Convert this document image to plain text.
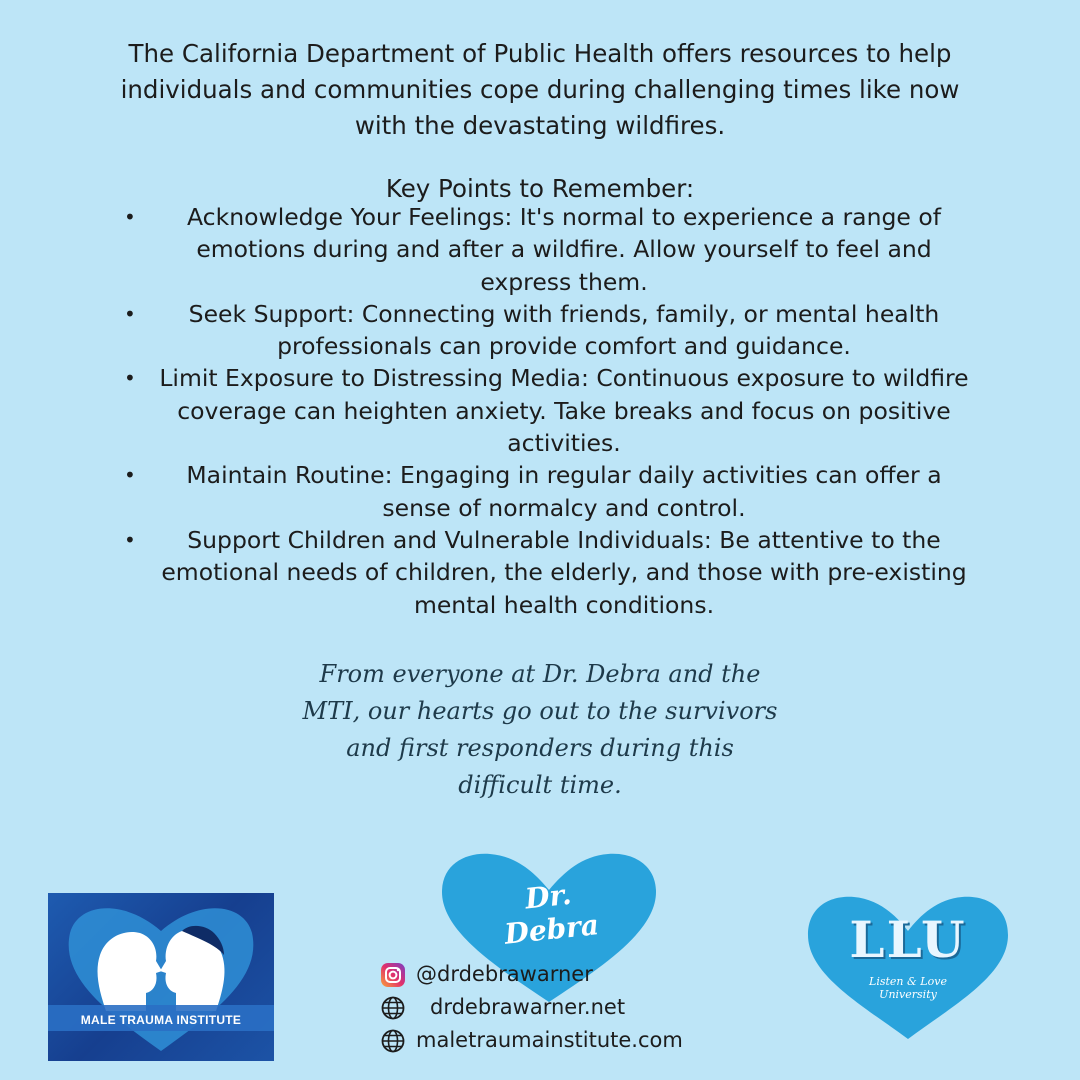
The California Department of Public Health offers resources to help individuals and communities cope during challenging times like now with the devastating wildfires.

Key Points to Remember:

• Acknowledge Your Feelings: It's normal to experience a range of emotions during and after a wildfire. Allow yourself to feel and express them.
• Seek Support: Connecting with friends, family, or mental health professionals can provide comfort and guidance.
• Limit Exposure to Distressing Media: Continuous exposure to wildfire coverage can heighten anxiety. Take breaks and focus on positive activities.
• Maintain Routine: Engaging in regular daily activities can offer a sense of normalcy and control.
• Support Children and Vulnerable Individuals: Be attentive to the emotional needs of children, the elderly, and those with pre-existing mental health conditions.

From everyone at Dr. Debra and the
MTI, our hearts go out to the survivors
and first responders during this
difficult time.

MALE TRAUMA INSTITUTE
Dr. Debra
@drdebrawarner
drdebrawarner.net
maletraumainstitute.com
LLU
Listen & Love
University
